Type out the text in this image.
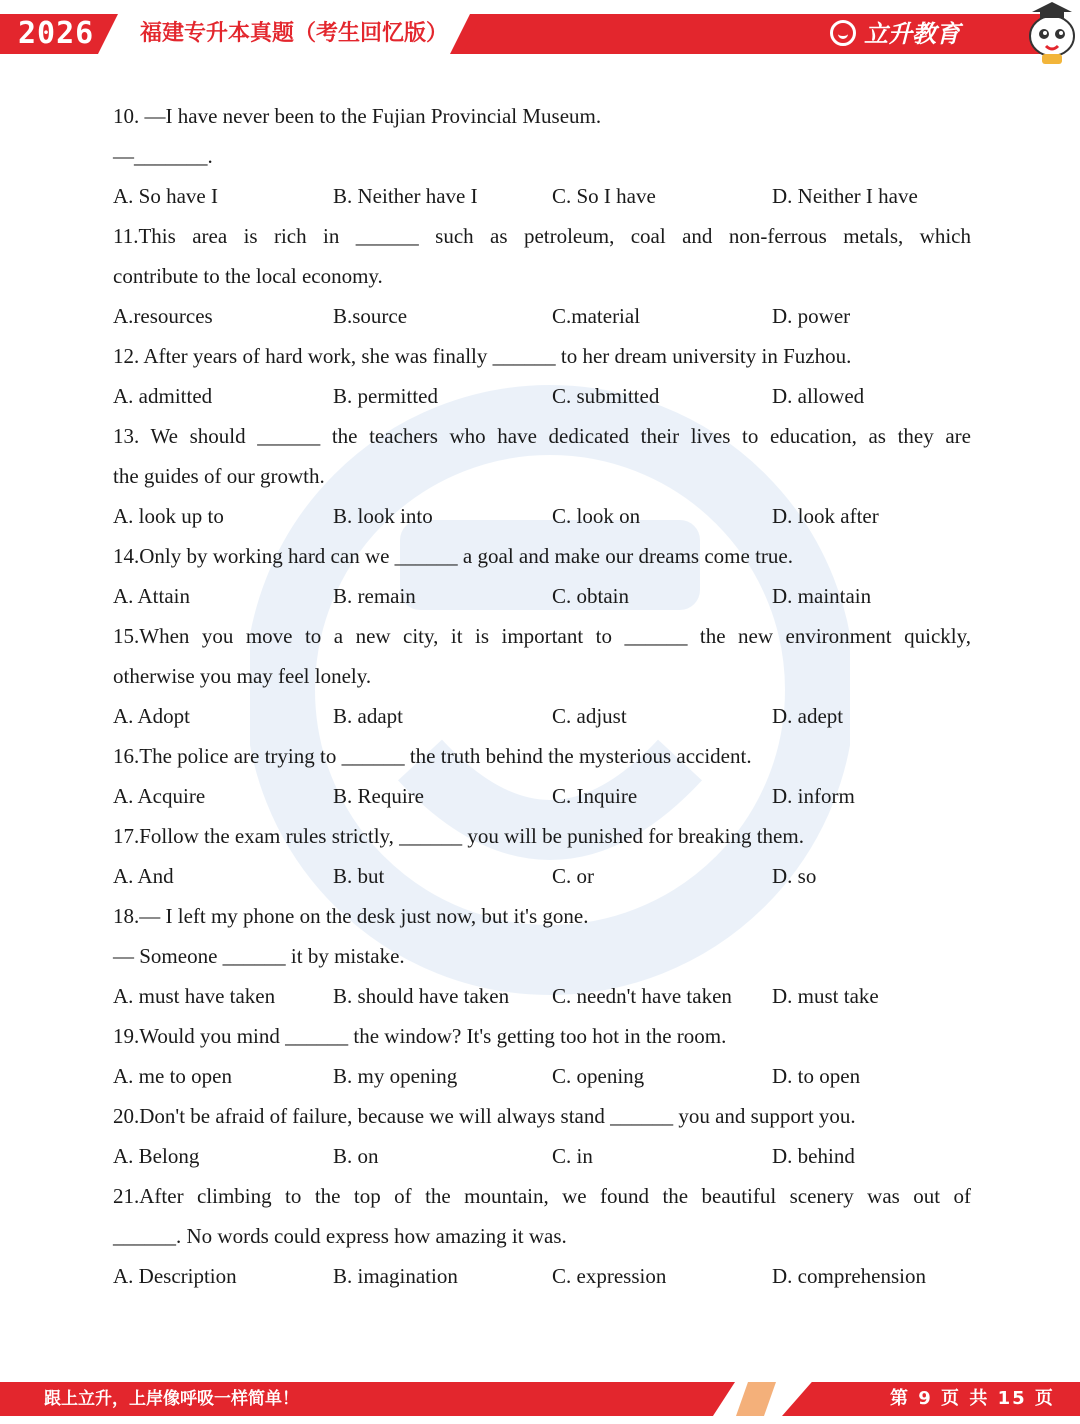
2026 福建专升本真题（考生回忆版）	立升教育
10. —I have never been to the Fujian Provincial Museum.
—_______.
A. So have I	B. Neither have I	C. So I have	D. Neither I have
11.This area is rich in ______ such as petroleum, coal and non-ferrous metals, which
contribute to the local economy.
A.resources	B.source	C.material	D. power
12. After years of hard work, she was finally ______ to her dream university in Fuzhou.
A. admitted	B. permitted	C. submitted	D. allowed
13. We should ______ the teachers who have dedicated their lives to education, as they are
the guides of our growth.
A. look up to	B. look into	C. look on	D. look after
14.Only by working hard can we ______ a goal and make our dreams come true.
A. Attain	B. remain	C. obtain	D. maintain
15.When you move to a new city, it is important to ______ the new environment quickly,
otherwise you may feel lonely.
A. Adopt	B. adapt	C. adjust	D. adept
16.The police are trying to ______ the truth behind the mysterious accident.
A. Acquire	B. Require	C. Inquire	D. inform
17.Follow the exam rules strictly, ______ you will be punished for breaking them.
A. And	B. but	C. or	D. so
18.— I left my phone on the desk just now, but it's gone.
— Someone ______ it by mistake.
A. must have taken	B. should have taken C. needn't have taken D. must take
19.Would you mind ______ the window? It's getting too hot in the room.
A. me to open	B. my opening	C. opening	D. to open
20.Don't be afraid of failure, because we will always stand ______ you and support you.
A. Belong	B. on	C. in	D. behind
21.After climbing to the top of the mountain, we found the beautiful scenery was out of
______. No words could express how amazing it was.
A. Description	B. imagination	C. expression	D. comprehension
跟上立升，上岸像呼吸一样简单！	第 9 页 共 15 页
